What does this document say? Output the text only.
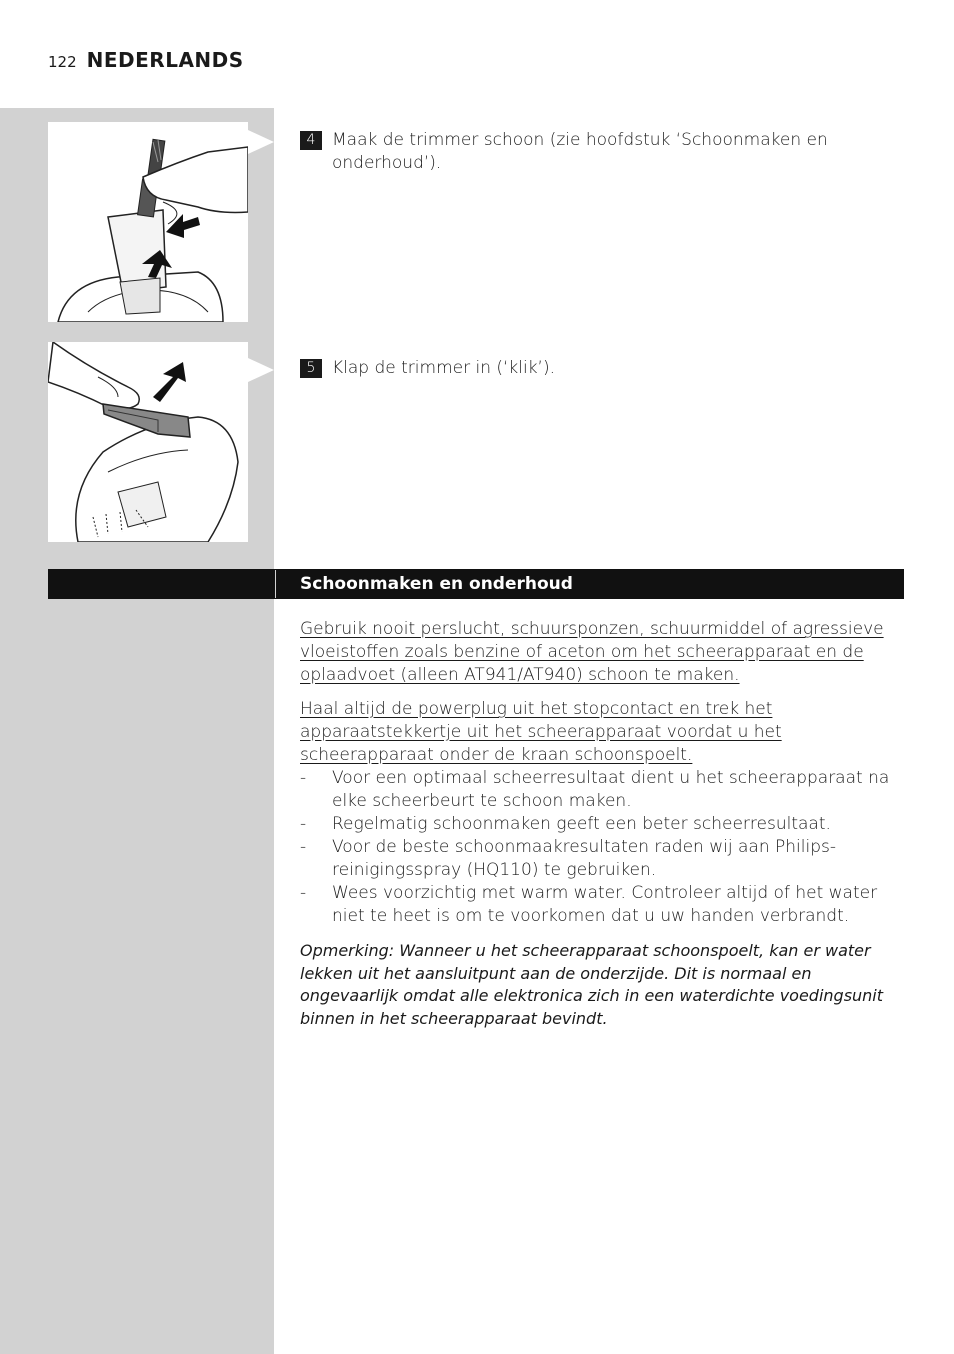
122 NEDERLANDS
4 Maak de trimmer schoon (zie hoofdstuk ‘Schoonmaken en onderhoud’).
5 Klap de trimmer in (‘klik’).
Schoonmaken en onderhoud

Gebruik nooit perslucht, schuursponzen, schuurmiddel of agressieve vloeistoffen zoals benzine of aceton om het scheerapparaat en de oplaadvoet (alleen AT941/AT940) schoon te maken.

Haal altijd de powerplug uit het stopcontact en trek het apparaatstekkertje uit het scheerapparaat voordat u het scheerapparaat onder de kraan schoonspoelt.

- Voor een optimaal scheerresultaat dient u het scheerapparaat na elke scheerbeurt te schoon maken.
- Regelmatig schoonmaken geeft een beter scheerresultaat.
- Voor de beste schoonmaakresultaten raden wij aan Philips-reinigingsspray (HQ110) te gebruiken.
- Wees voorzichtig met warm water. Controleer altijd of het water niet te heet is om te voorkomen dat u uw handen verbrandt.

Opmerking: Wanneer u het scheerapparaat schoonspoelt, kan er water lekken uit het aansluitpunt aan de onderzijde. Dit is normaal en ongevaarlijk omdat alle elektronica zich in een waterdichte voedingsunit binnen in het scheerapparaat bevindt.
